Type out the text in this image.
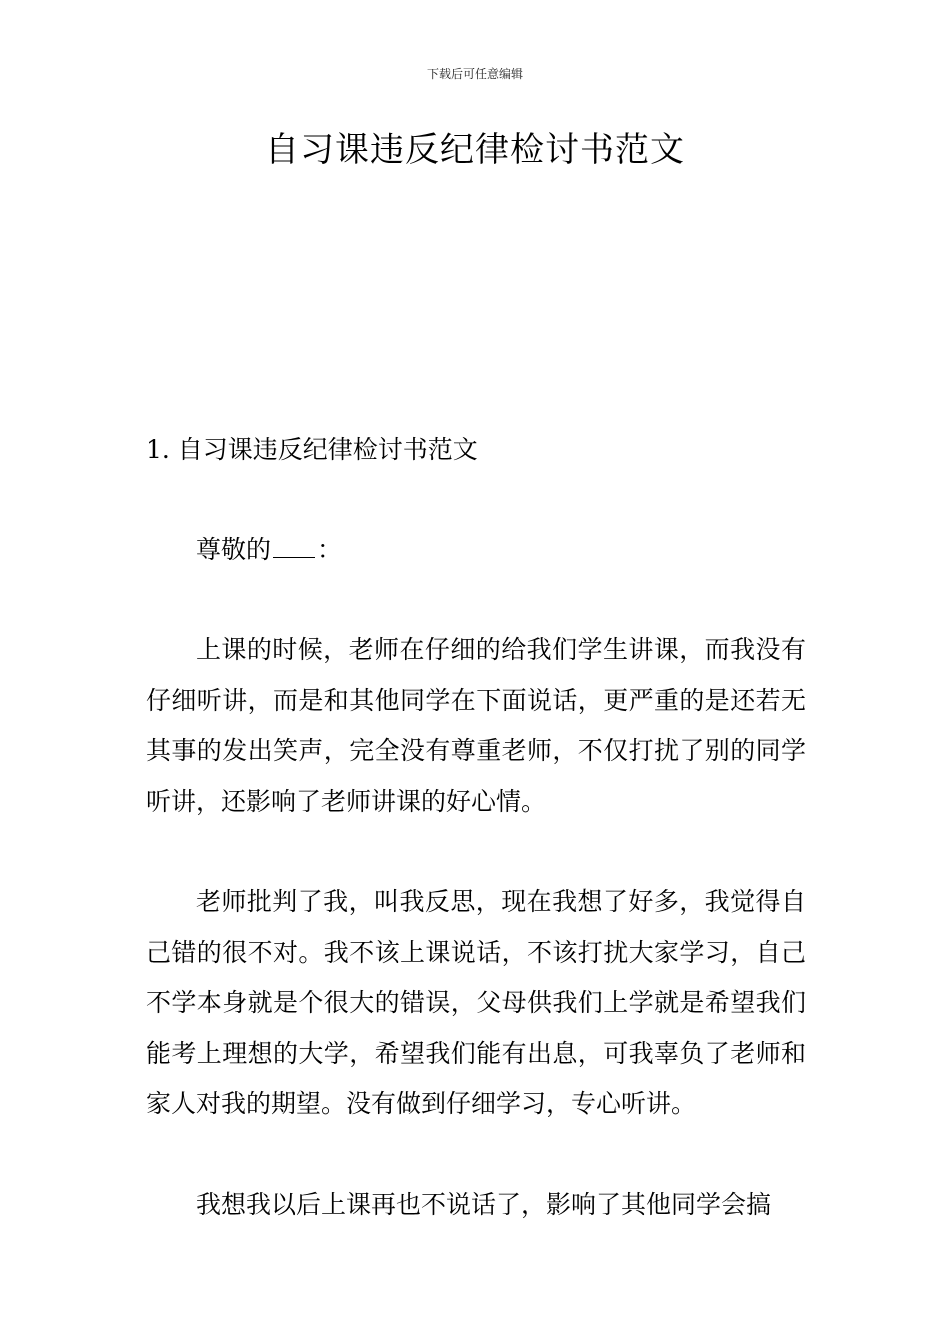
下载后可任意编辑
自习课违反纪律检讨书范文

1. 自习课违反纪律检讨书范文

尊敬的 ：

上课的时候，老师在仔细的给我们学生讲课，而我没有仔细听讲，而是和其他同学在下面说话，更严重的是还若无其事的发出笑声，完全没有尊重老师，不仅打扰了别的同学听讲，还影响了老师讲课的好心情。

老师批判了我，叫我反思，现在我想了好多，我觉得自己错的很不对。我不该上课说话，不该打扰大家学习，自己不学本身就是个很大的错误，父母供我们上学就是希望我们能考上理想的大学，希望我们能有出息，可我辜负了老师和家人对我的期望。没有做到仔细学习，专心听讲。

我想我以后上课再也不说话了，影响了其他同学会搞
